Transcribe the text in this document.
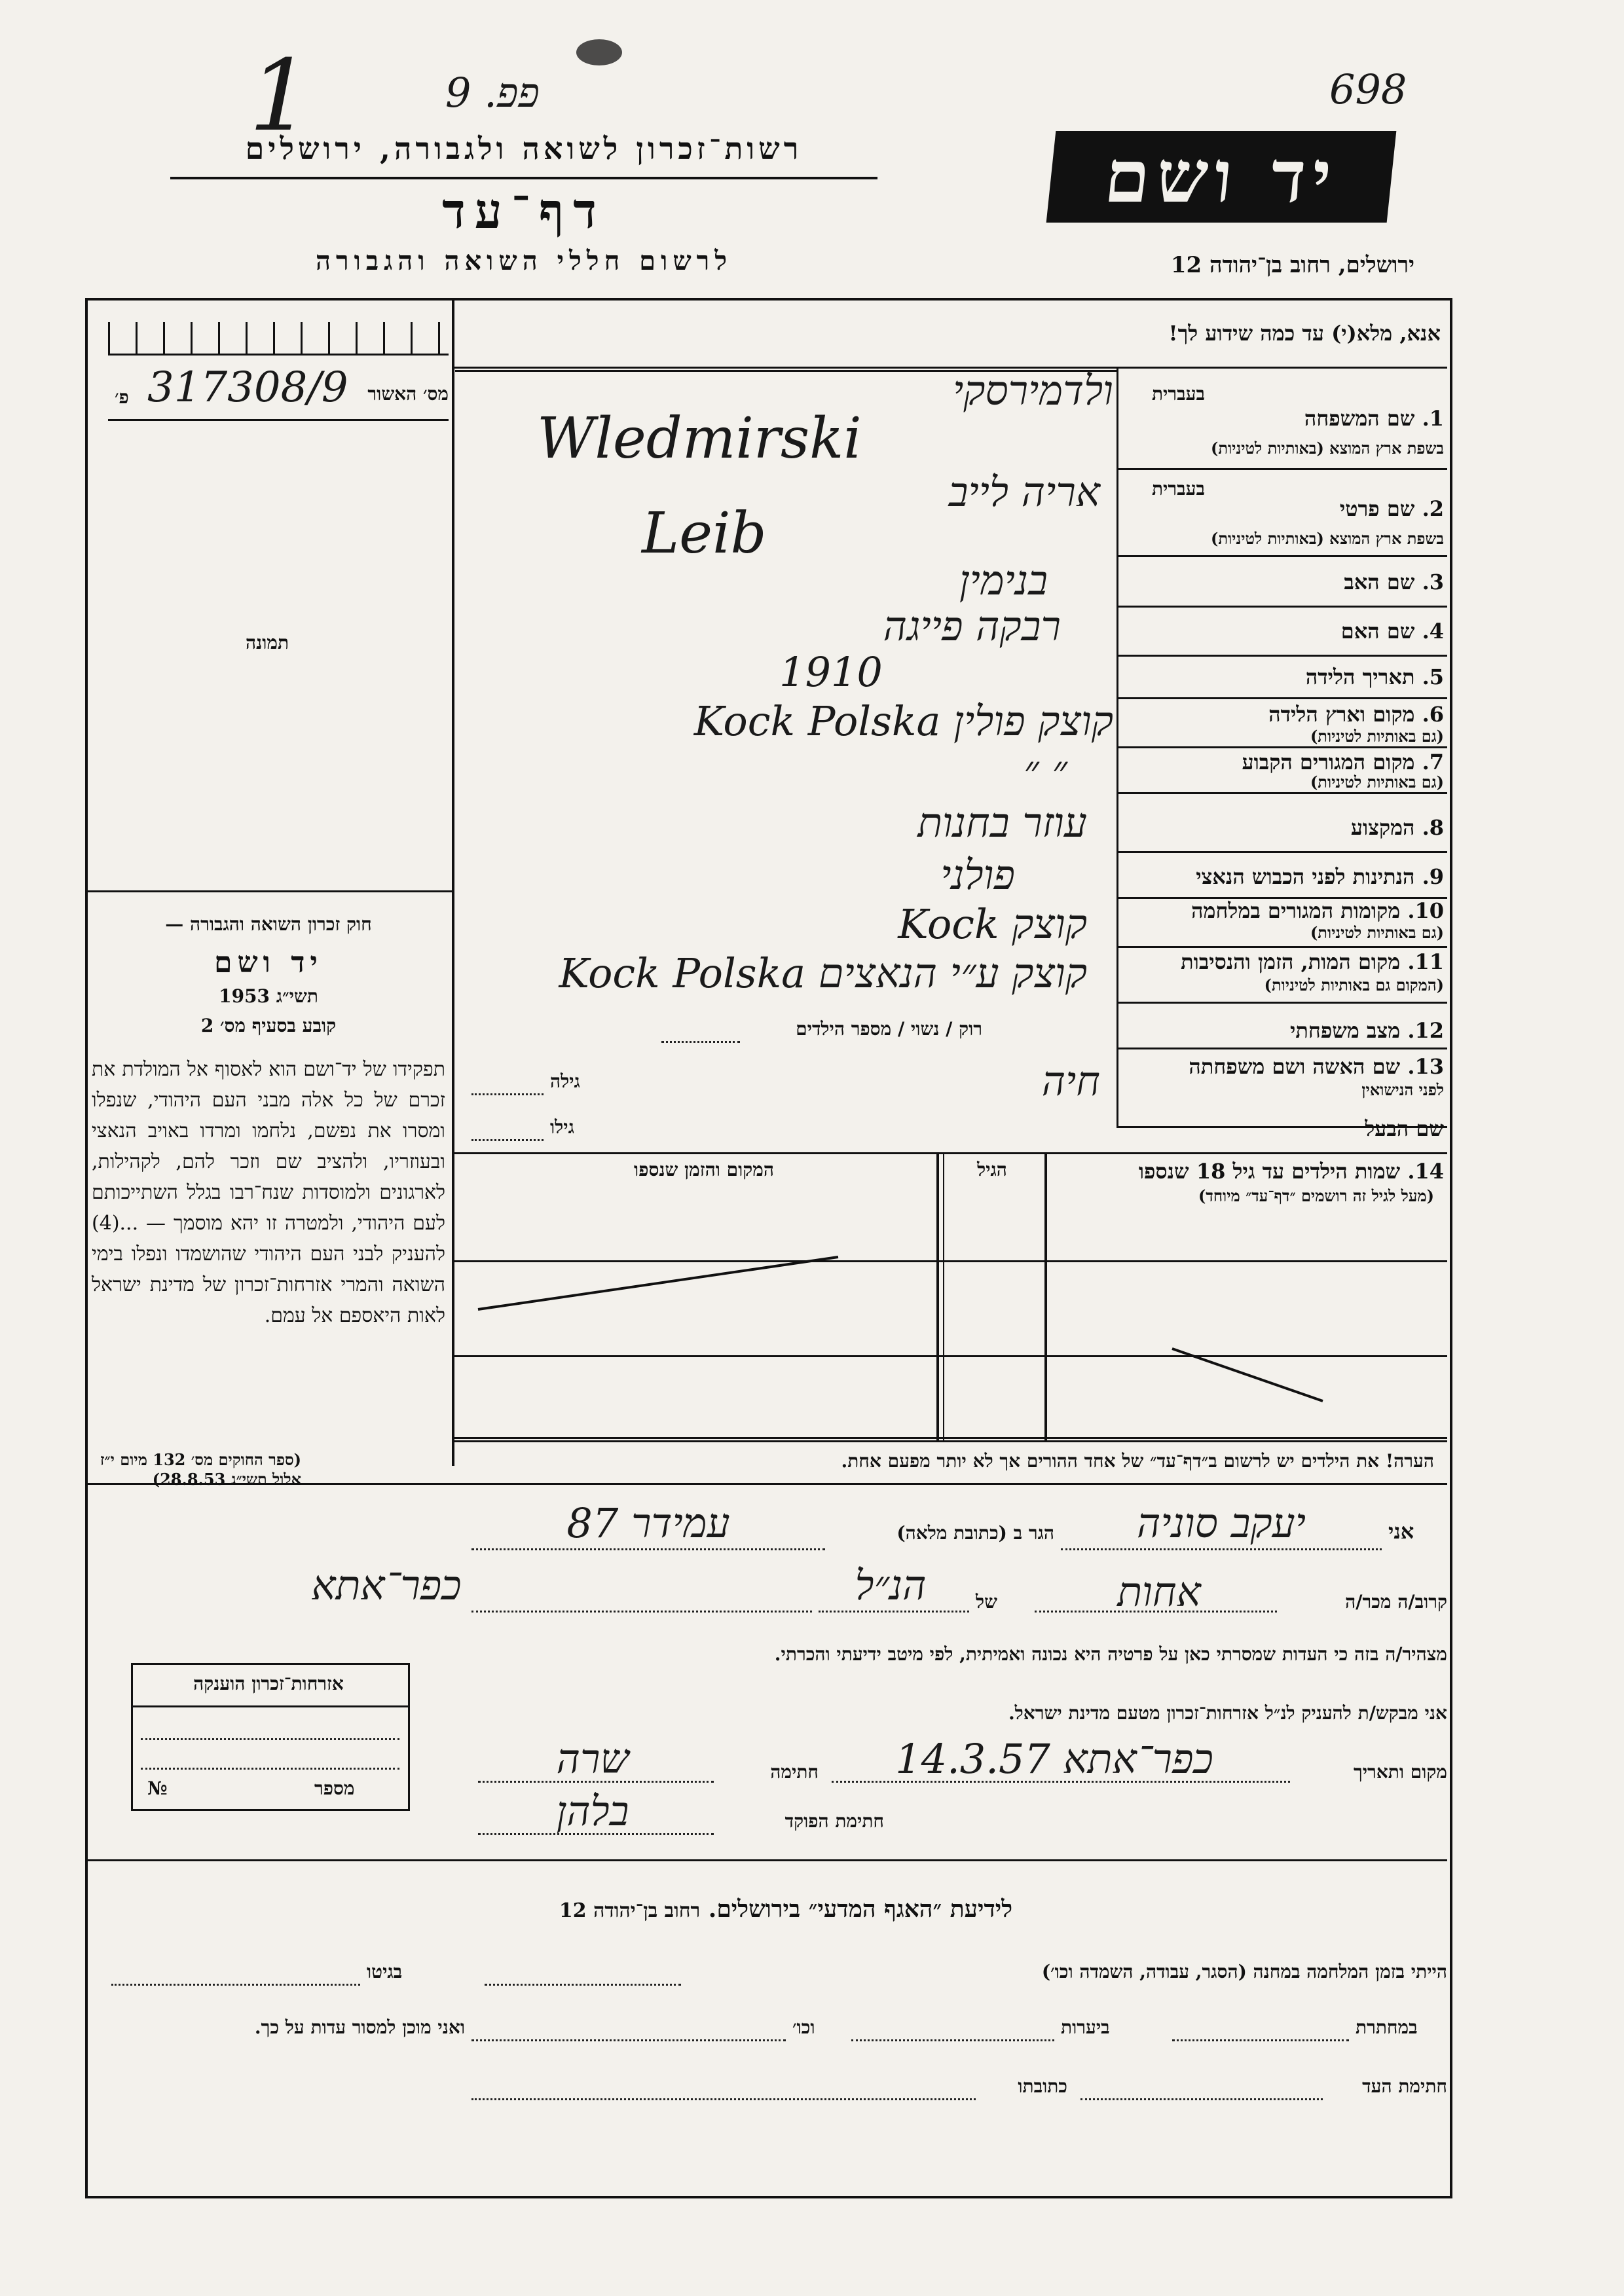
1	פפ. 9	698
רשות־זכרון לשואה ולגבורה, ירושלים
דף־עד
לרשום חללי השואה והגבורה
יד ושם
ירושלים, רחוב בן־יהודה 12
אנא, מלא(י) עד כמה שידוע לך!
מס׳ האשור
פ׳ 317308/9
תמונה
בעברית
1. שם המשפחה
בשפת ארץ המוצא (באותיות לטיניות)
ולדמירסקי
Wledmirski
בעברית
2. שם פרטי
בשפת ארץ המוצא (באותיות לטיניות)
אריה לייב
Leib
3. שם האב
בנימין
4. שם האם
רבקה פייגה
5. תאריך הלידה
1910
6. מקום וארץ הלידה
(גם באותיות לטיניות)
קוצק פולין Kock Polska
7. מקום המגורים הקבוע
(גם באותיות לטיניות)
״ ״
8. המקצוע
עוזר בחנות
9. הנתינות לפני הכבוש הנאצי
פולני
10. מקומות המגורים במלחמה
(גם באותיות לטיניות)
קוצק Kock
11. מקום המות, הזמן והנסיבות
(המקום גם באותיות לטיניות)
קוצק ע״י הנאצים Kock Polska
12. מצב משפחתי
רוק / נשוי / מספר הילדים
13. שם האשה ושם משפחתה
לפני הנישואין
חיה
גילה
שם הבעל
גילו
14. שמות הילדים עד גיל 18 שנספו
(מעל לגיל זה רושמים ״דף־עד״ מיוחד)
הגיל
המקום והזמן שנספו
הערה! את הילדים יש לרשום ב״דף־עד״ של אחד ההורים אך לא יותר מפעם אחת.
חוק זכרון השואה והגבורה —
יד ושם
תשי״ג 1953
קובע בסעיף מס׳ 2
תפקידו של יד־ושם הוא לאסוף אל המולדת את זכרם של כל אלה מבני העם היהודי, שנפלו ומסרו את נפשם, נלחמו ומרדו באויב הנאצי ובעוזריו, ולהציב שם וזכר להם, לקהילות, לארגונים ולמוסדות שנח־רבו בגלל השתייכותם לעם היהודי, ולמטרה זו יהא מוסמך — ...(4) להעניק לבני העם היהודי שהושמדו ונפלו בימי השואה והמרי אזרחות־זכרון של מדינת ישראל לאות היאספם אל עמם.
(ספר החוקים מס׳ 132 מיום י״ז אלול תשי״ג 28.8.53)
אני
יעקב סוניה
הגר ב (כתובת מלאה)
עמידר 87
כפר־אתא	קרוב/ה מכר/ה
אחות
של
הנ״ל
מצהיר/ה בזה כי העדות שמסרתי כאן על פרטיה היא נכונה ואמיתית, לפי מיטב ידיעתי והכרתי.
אני מבקש/ת להעניק לנ״ל אזרחות־זכרון מטעם מדינת ישראל.
מקום ותאריך
כפר־אתא 14.3.57
חתימה
שרה
חתימת הפוקד
בלהן
אזרחות־זכרון הוענקה
מספר
№
לידיעת ״האגף המדעי״ בירושלים. רחוב בן־יהודה 12
הייתי בזמן המלחמה במחנה (הסגר, עבודה, השמדה וכו׳)
בגיטו
במחתרת
ביערות
וכו׳
ואני מוכן למסור עדות על כך.
חתימת העד
כתובתו
